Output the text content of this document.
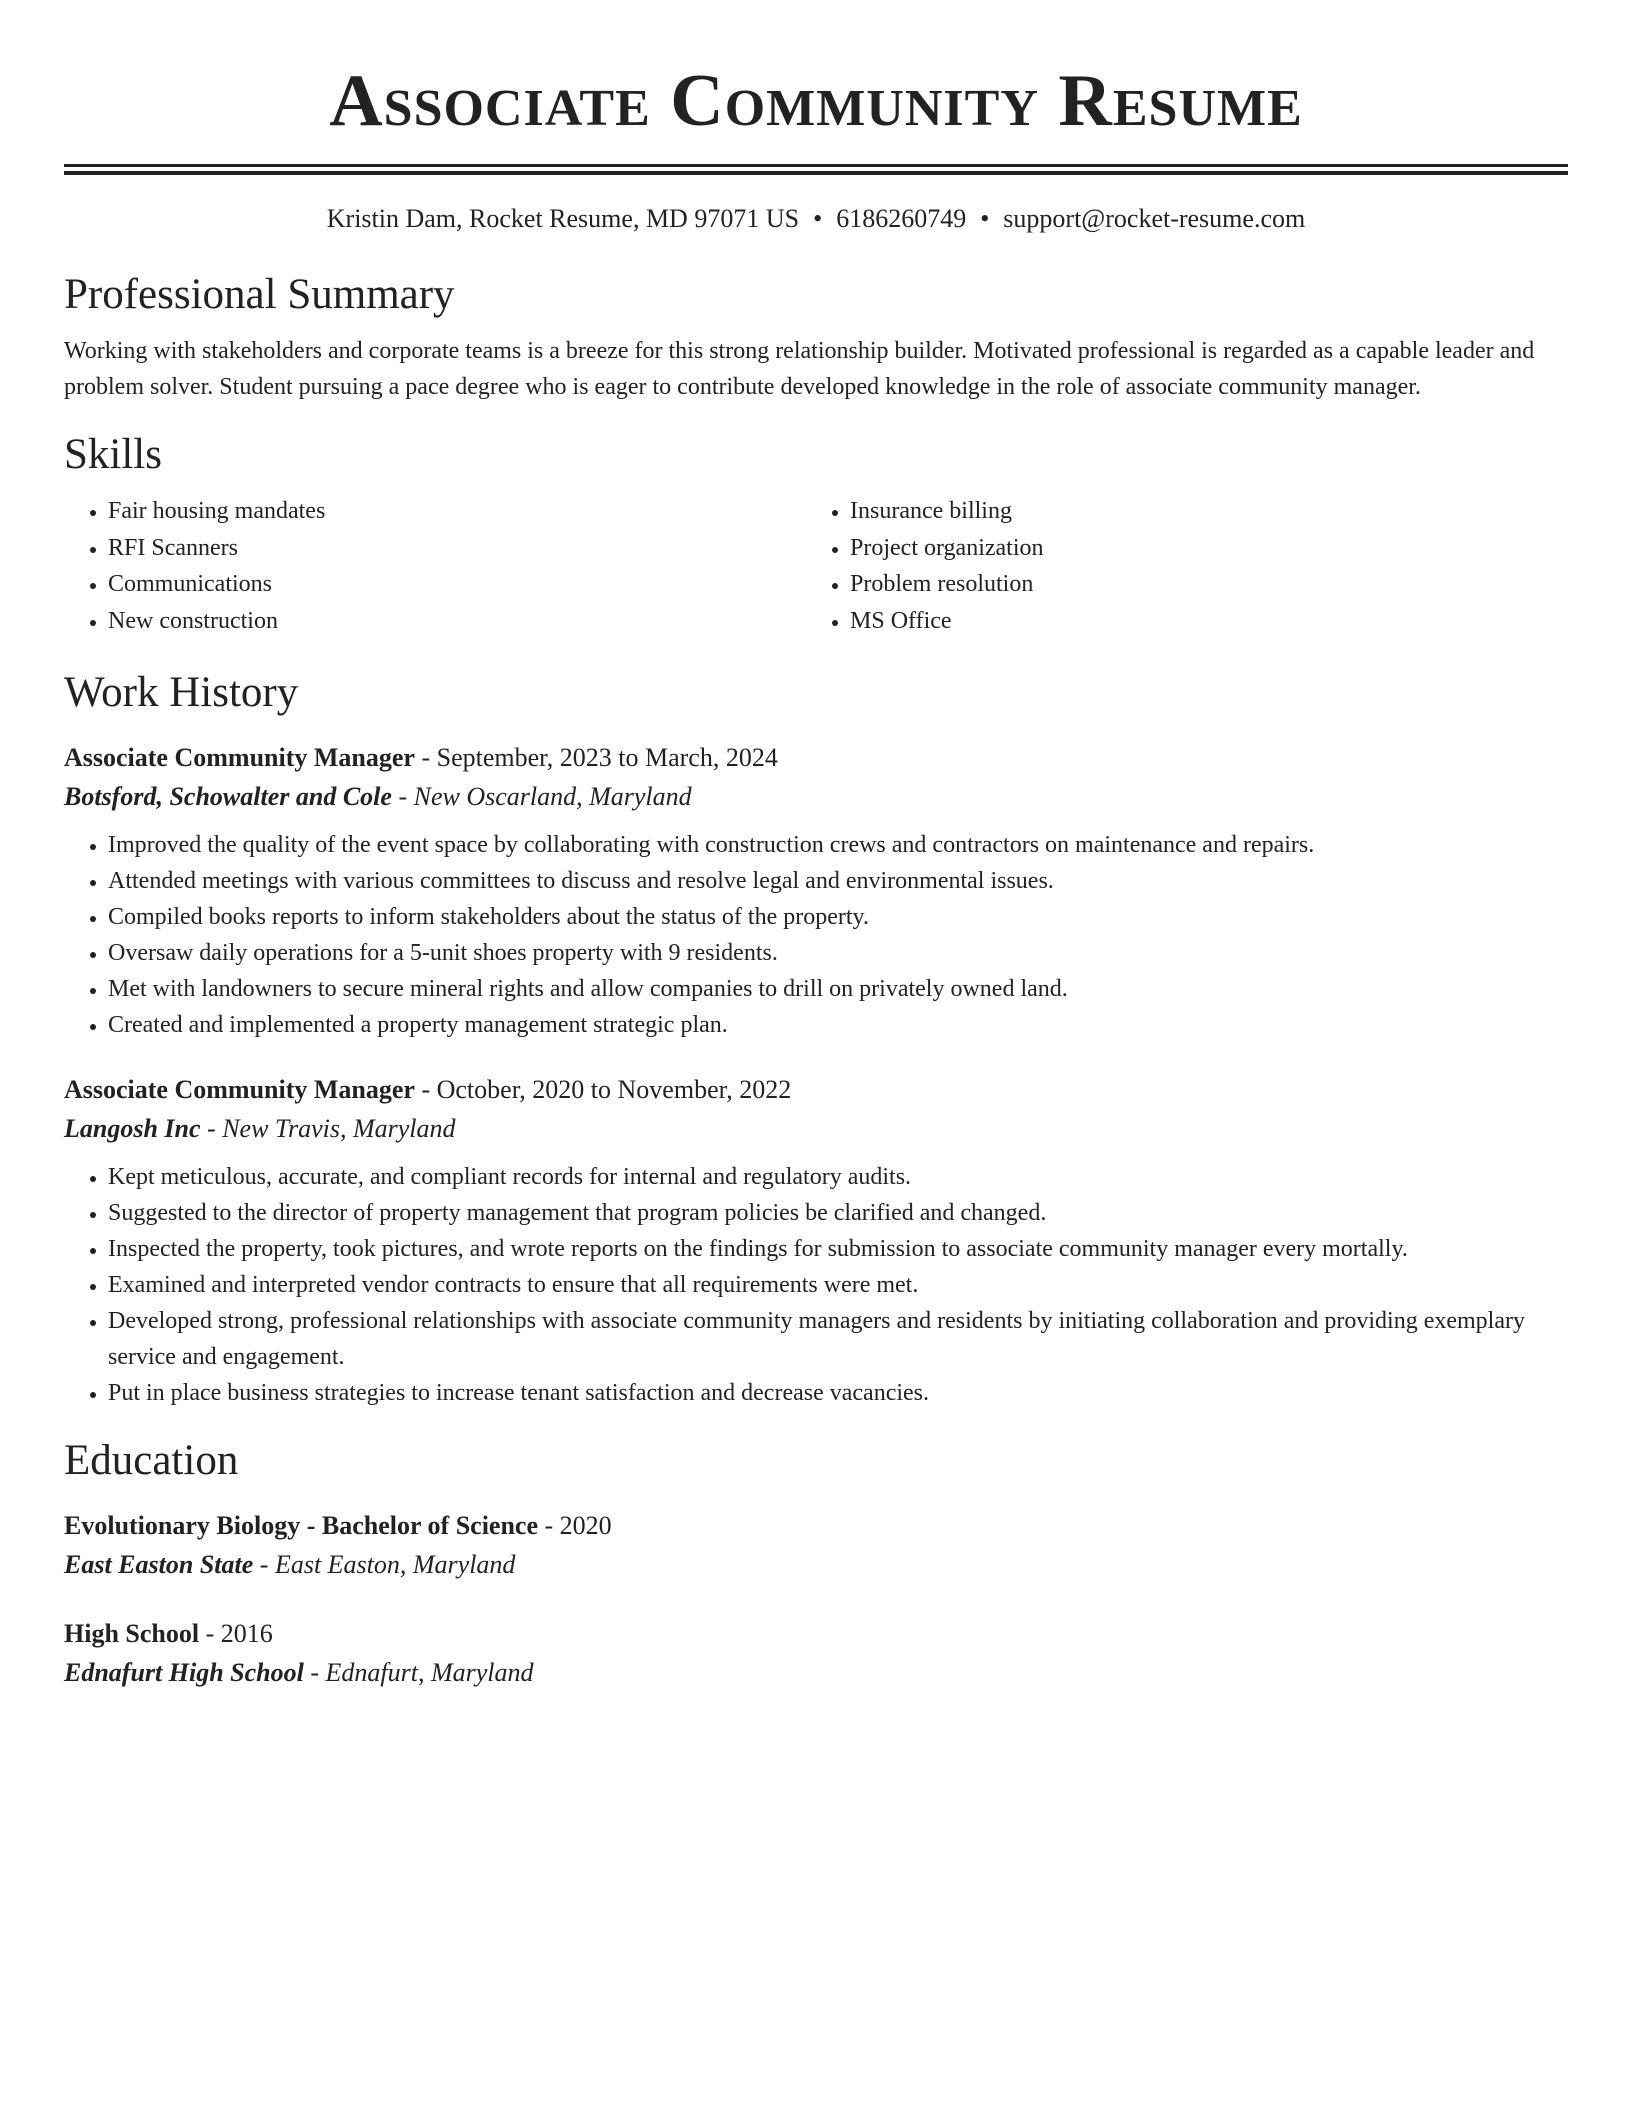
Associate Community Resume
Kristin Dam, Rocket Resume, MD 97071 US • 6186260749 • support@rocket-resume.com
Professional Summary
Working with stakeholders and corporate teams is a breeze for this strong relationship builder. Motivated professional is regarded as a capable leader and problem solver. Student pursuing a pace degree who is eager to contribute developed knowledge in the role of associate community manager.
Skills
• Fair housing mandates
• RFI Scanners
• Communications
• New construction
• Insurance billing
• Project organization
• Problem resolution
• MS Office
Work History
Associate Community Manager - September, 2023 to March, 2024
Botsford, Schowalter and Cole - New Oscarland, Maryland
• Improved the quality of the event space by collaborating with construction crews and contractors on maintenance and repairs.
• Attended meetings with various committees to discuss and resolve legal and environmental issues.
• Compiled books reports to inform stakeholders about the status of the property.
• Oversaw daily operations for a 5-unit shoes property with 9 residents.
• Met with landowners to secure mineral rights and allow companies to drill on privately owned land.
• Created and implemented a property management strategic plan.
Associate Community Manager - October, 2020 to November, 2022
Langosh Inc - New Travis, Maryland
• Kept meticulous, accurate, and compliant records for internal and regulatory audits.
• Suggested to the director of property management that program policies be clarified and changed.
• Inspected the property, took pictures, and wrote reports on the findings for submission to associate community manager every mortally.
• Examined and interpreted vendor contracts to ensure that all requirements were met.
• Developed strong, professional relationships with associate community managers and residents by initiating collaboration and providing exemplary service and engagement.
• Put in place business strategies to increase tenant satisfaction and decrease vacancies.
Education
Evolutionary Biology - Bachelor of Science - 2020
East Easton State - East Easton, Maryland
High School - 2016
Ednafurt High School - Ednafurt, Maryland
